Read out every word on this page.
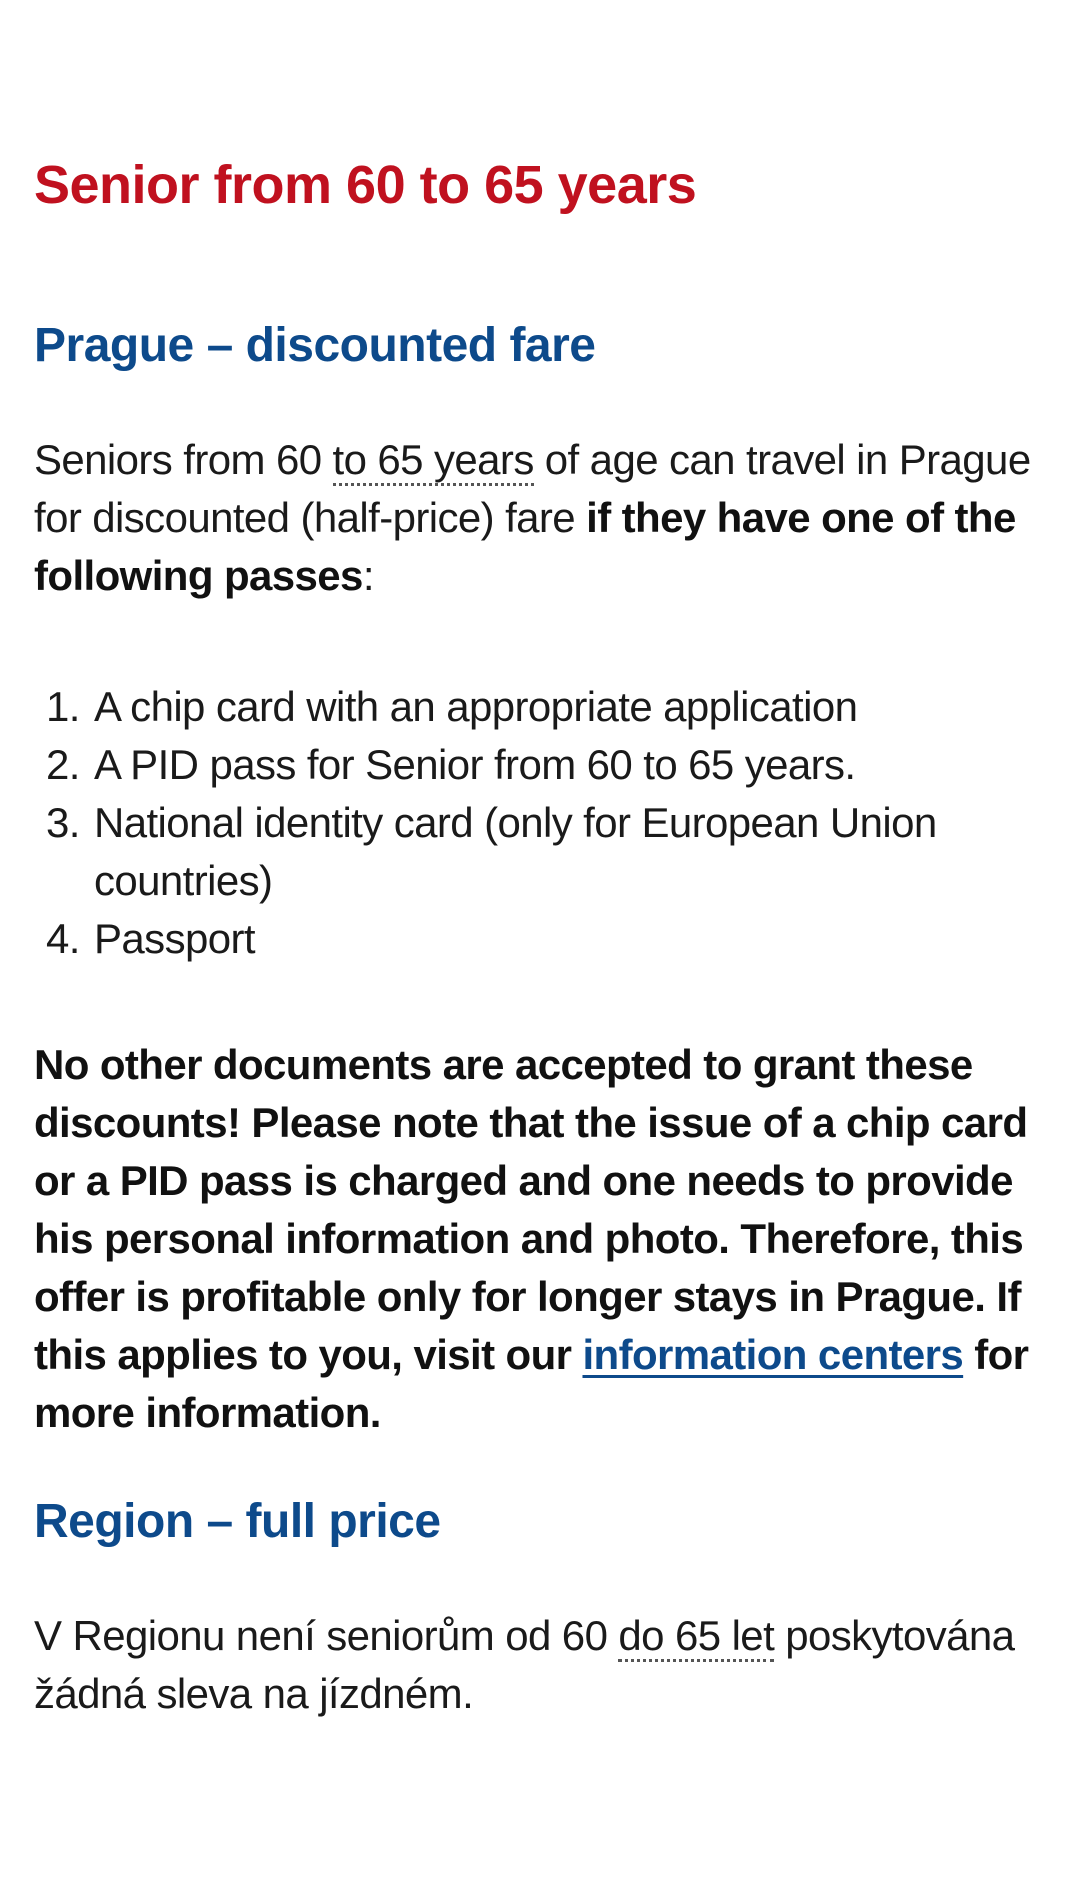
Senior from 60 to 65 years
Prague – discounted fare

Seniors from 60 to 65 years of age can travel in Prague for discounted (half-price) fare if they have one of the following passes:

1. A chip card with an appropriate application
2. A PID pass for Senior from 60 to 65 years.
3. National identity card (only for European Union countries)
4. Passport

No other documents are accepted to grant these discounts! Please note that the issue of a chip card or a PID pass is charged and one needs to provide his personal information and photo. Therefore, this offer is profitable only for longer stays in Prague. If this applies to you, visit our information centers for more information.

Region – full price

V Regionu není seniorům od 60 do 65 let poskytována žádná sleva na jízdném.
